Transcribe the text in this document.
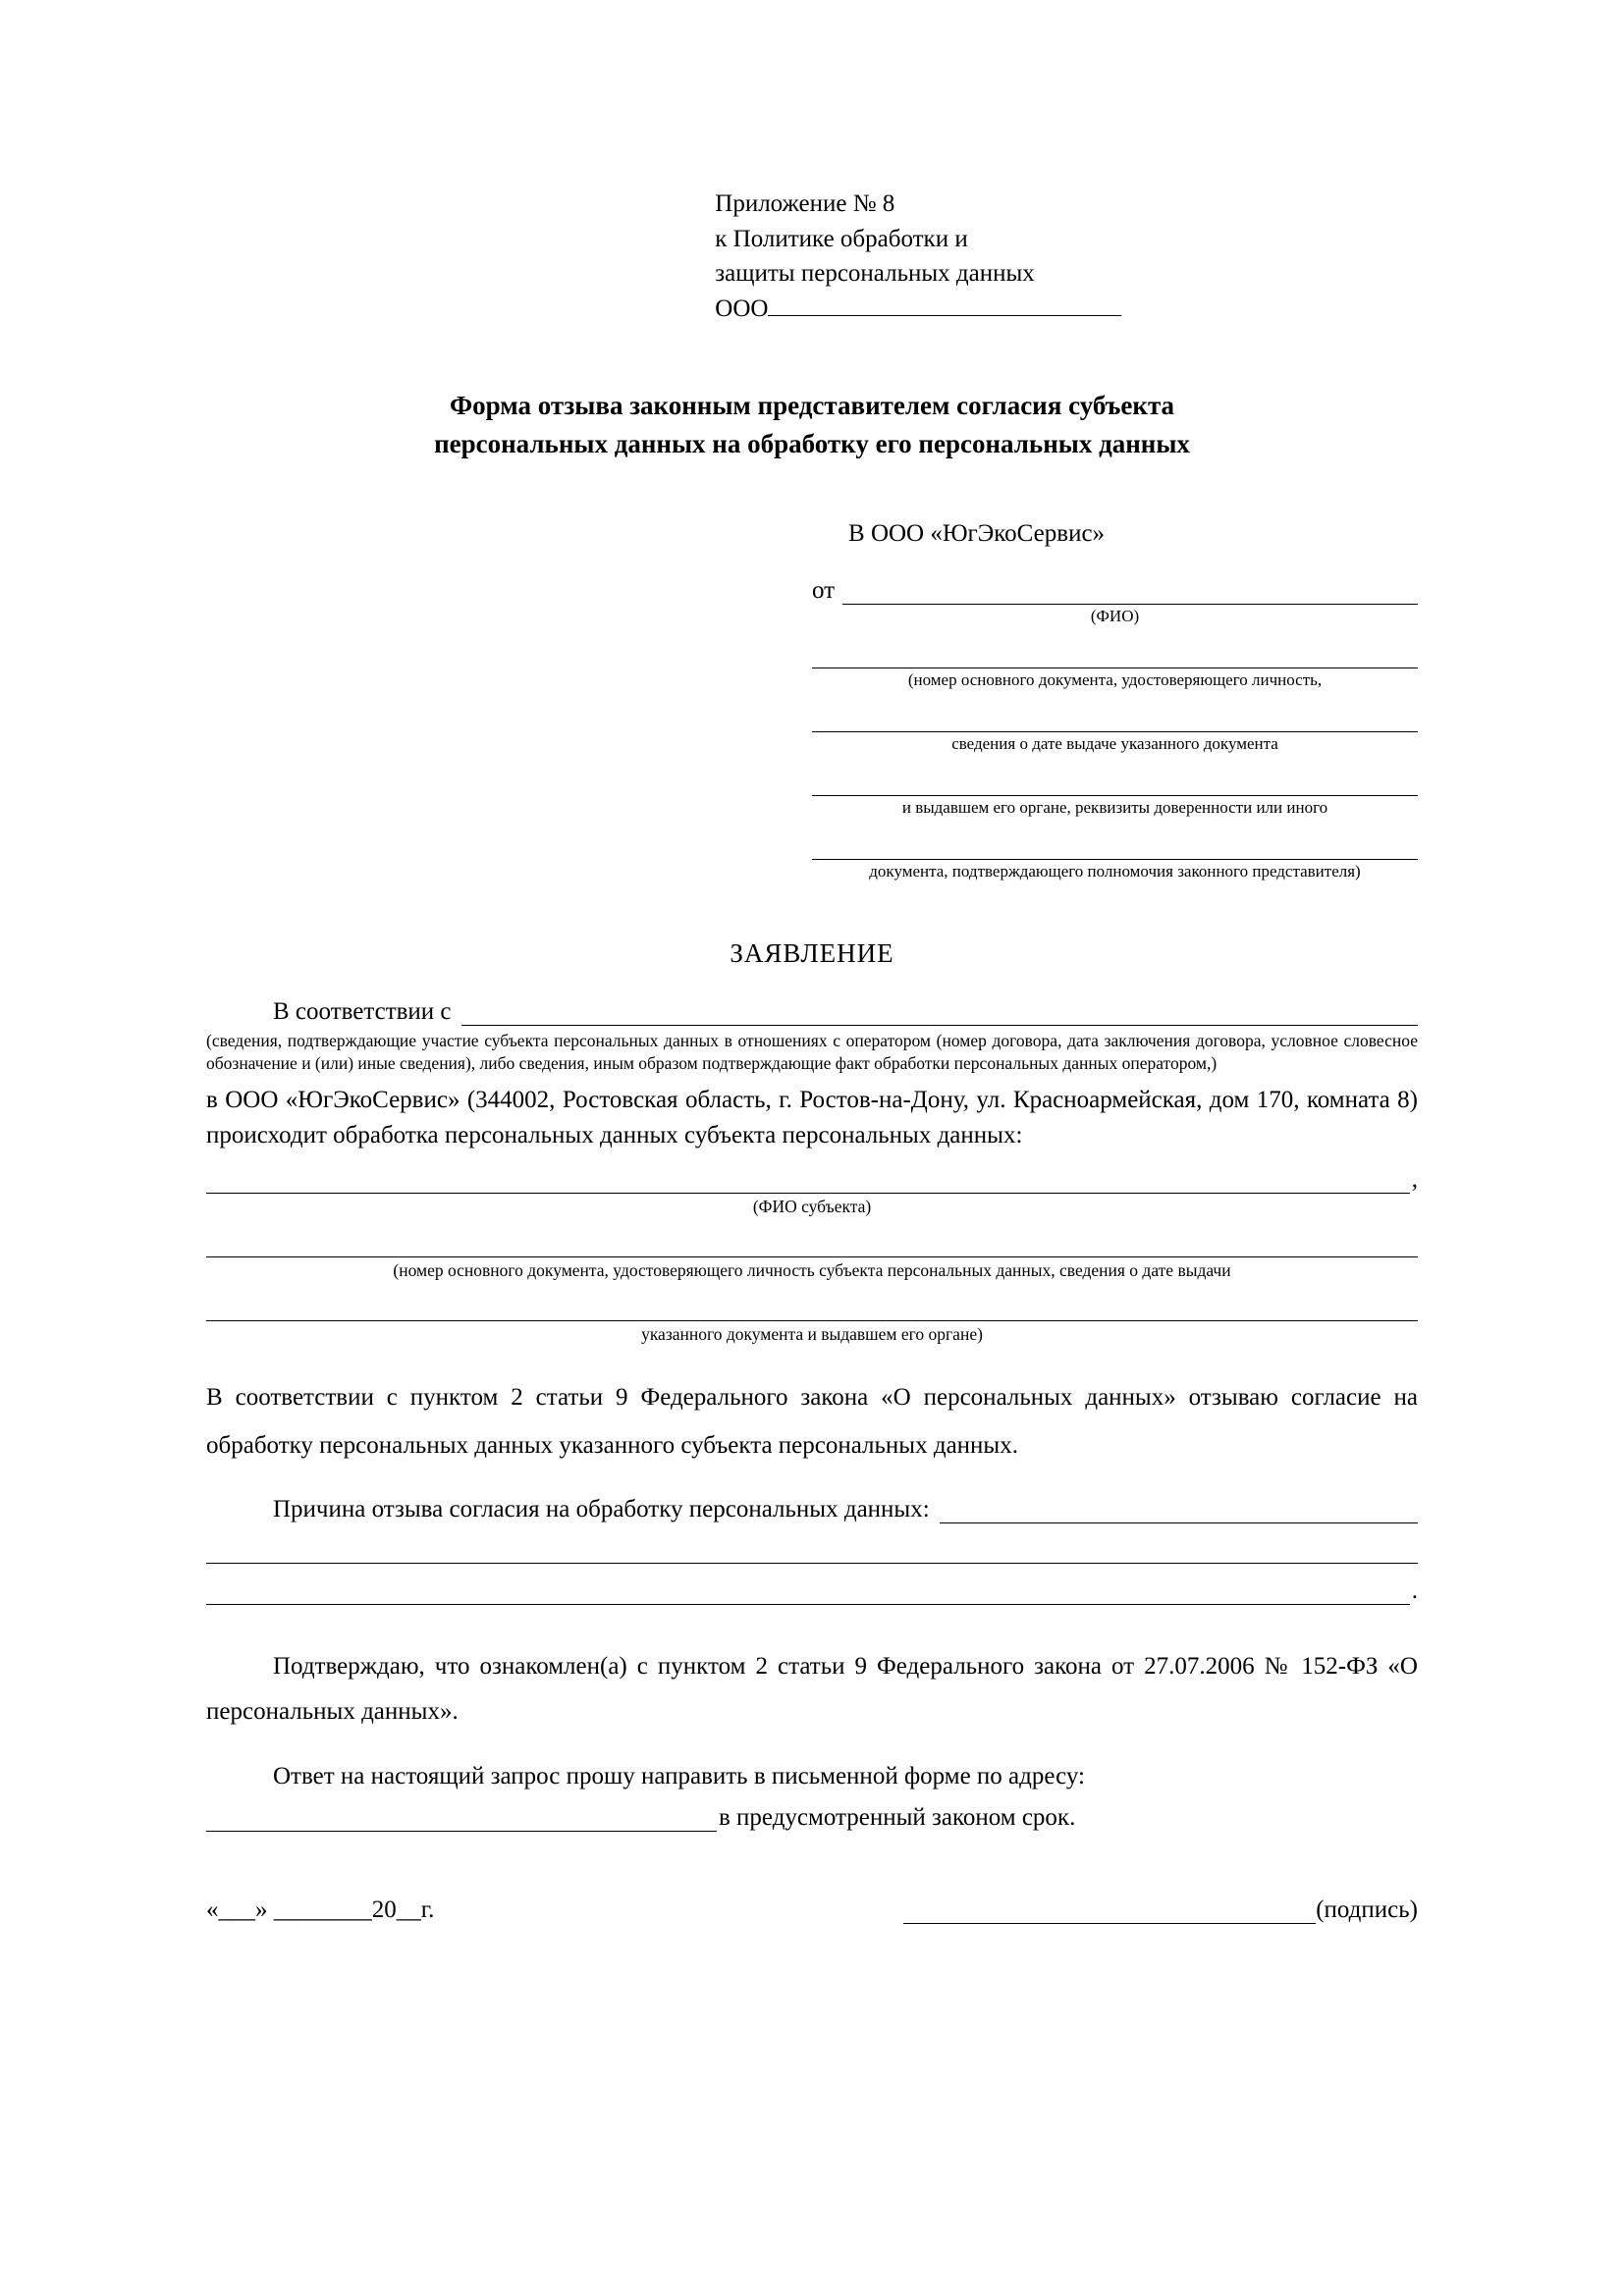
Приложение № 8
к Политике обработки и
защиты персональных данных
ООО
Форма отзыва законным представителем согласия субъекта
персональных данных на обработку его персональных данных
В ООО «ЮгЭкоСервис»
от
(ФИО)
(номер основного документа, удостоверяющего личность,
сведения о дате выдаче указанного документа
и выдавшем его органе, реквизиты доверенности или иного
документа, подтверждающего полномочия законного представителя)
ЗАЯВЛЕНИЕ
В соответствии с
(сведения, подтверждающие участие субъекта персональных данных в отношениях с оператором (номер договора, дата заключения договора, условное словесное обозначение и (или) иные сведения), либо сведения, иным образом подтверждающие факт обработки персональных данных оператором,)
в ООО «ЮгЭкоСервис» (344002, Ростовская область, г. Ростов-на-Дону, ул. Красноармейская, дом 170, комната 8) происходит обработка персональных данных субъекта персональных данных:
,
(ФИО субъекта)
(номер основного документа, удостоверяющего личность субъекта персональных данных, сведения о дате выдачи
указанного документа и выдавшем его органе)
В соответствии с пунктом 2 статьи 9 Федерального закона «О персональных данных» отзываю согласие на обработку персональных данных указанного субъекта персональных данных.
Причина отзыва согласия на обработку персональных данных:
.
Подтверждаю, что ознакомлен(а) с пунктом 2 статьи 9 Федерального закона от 27.07.2006 № 152-ФЗ «О персональных данных».
Ответ на настоящий запрос прошу направить в письменной форме по адресу:
в предусмотренный законом срок.
«___» ________20__г.	(подпись)
